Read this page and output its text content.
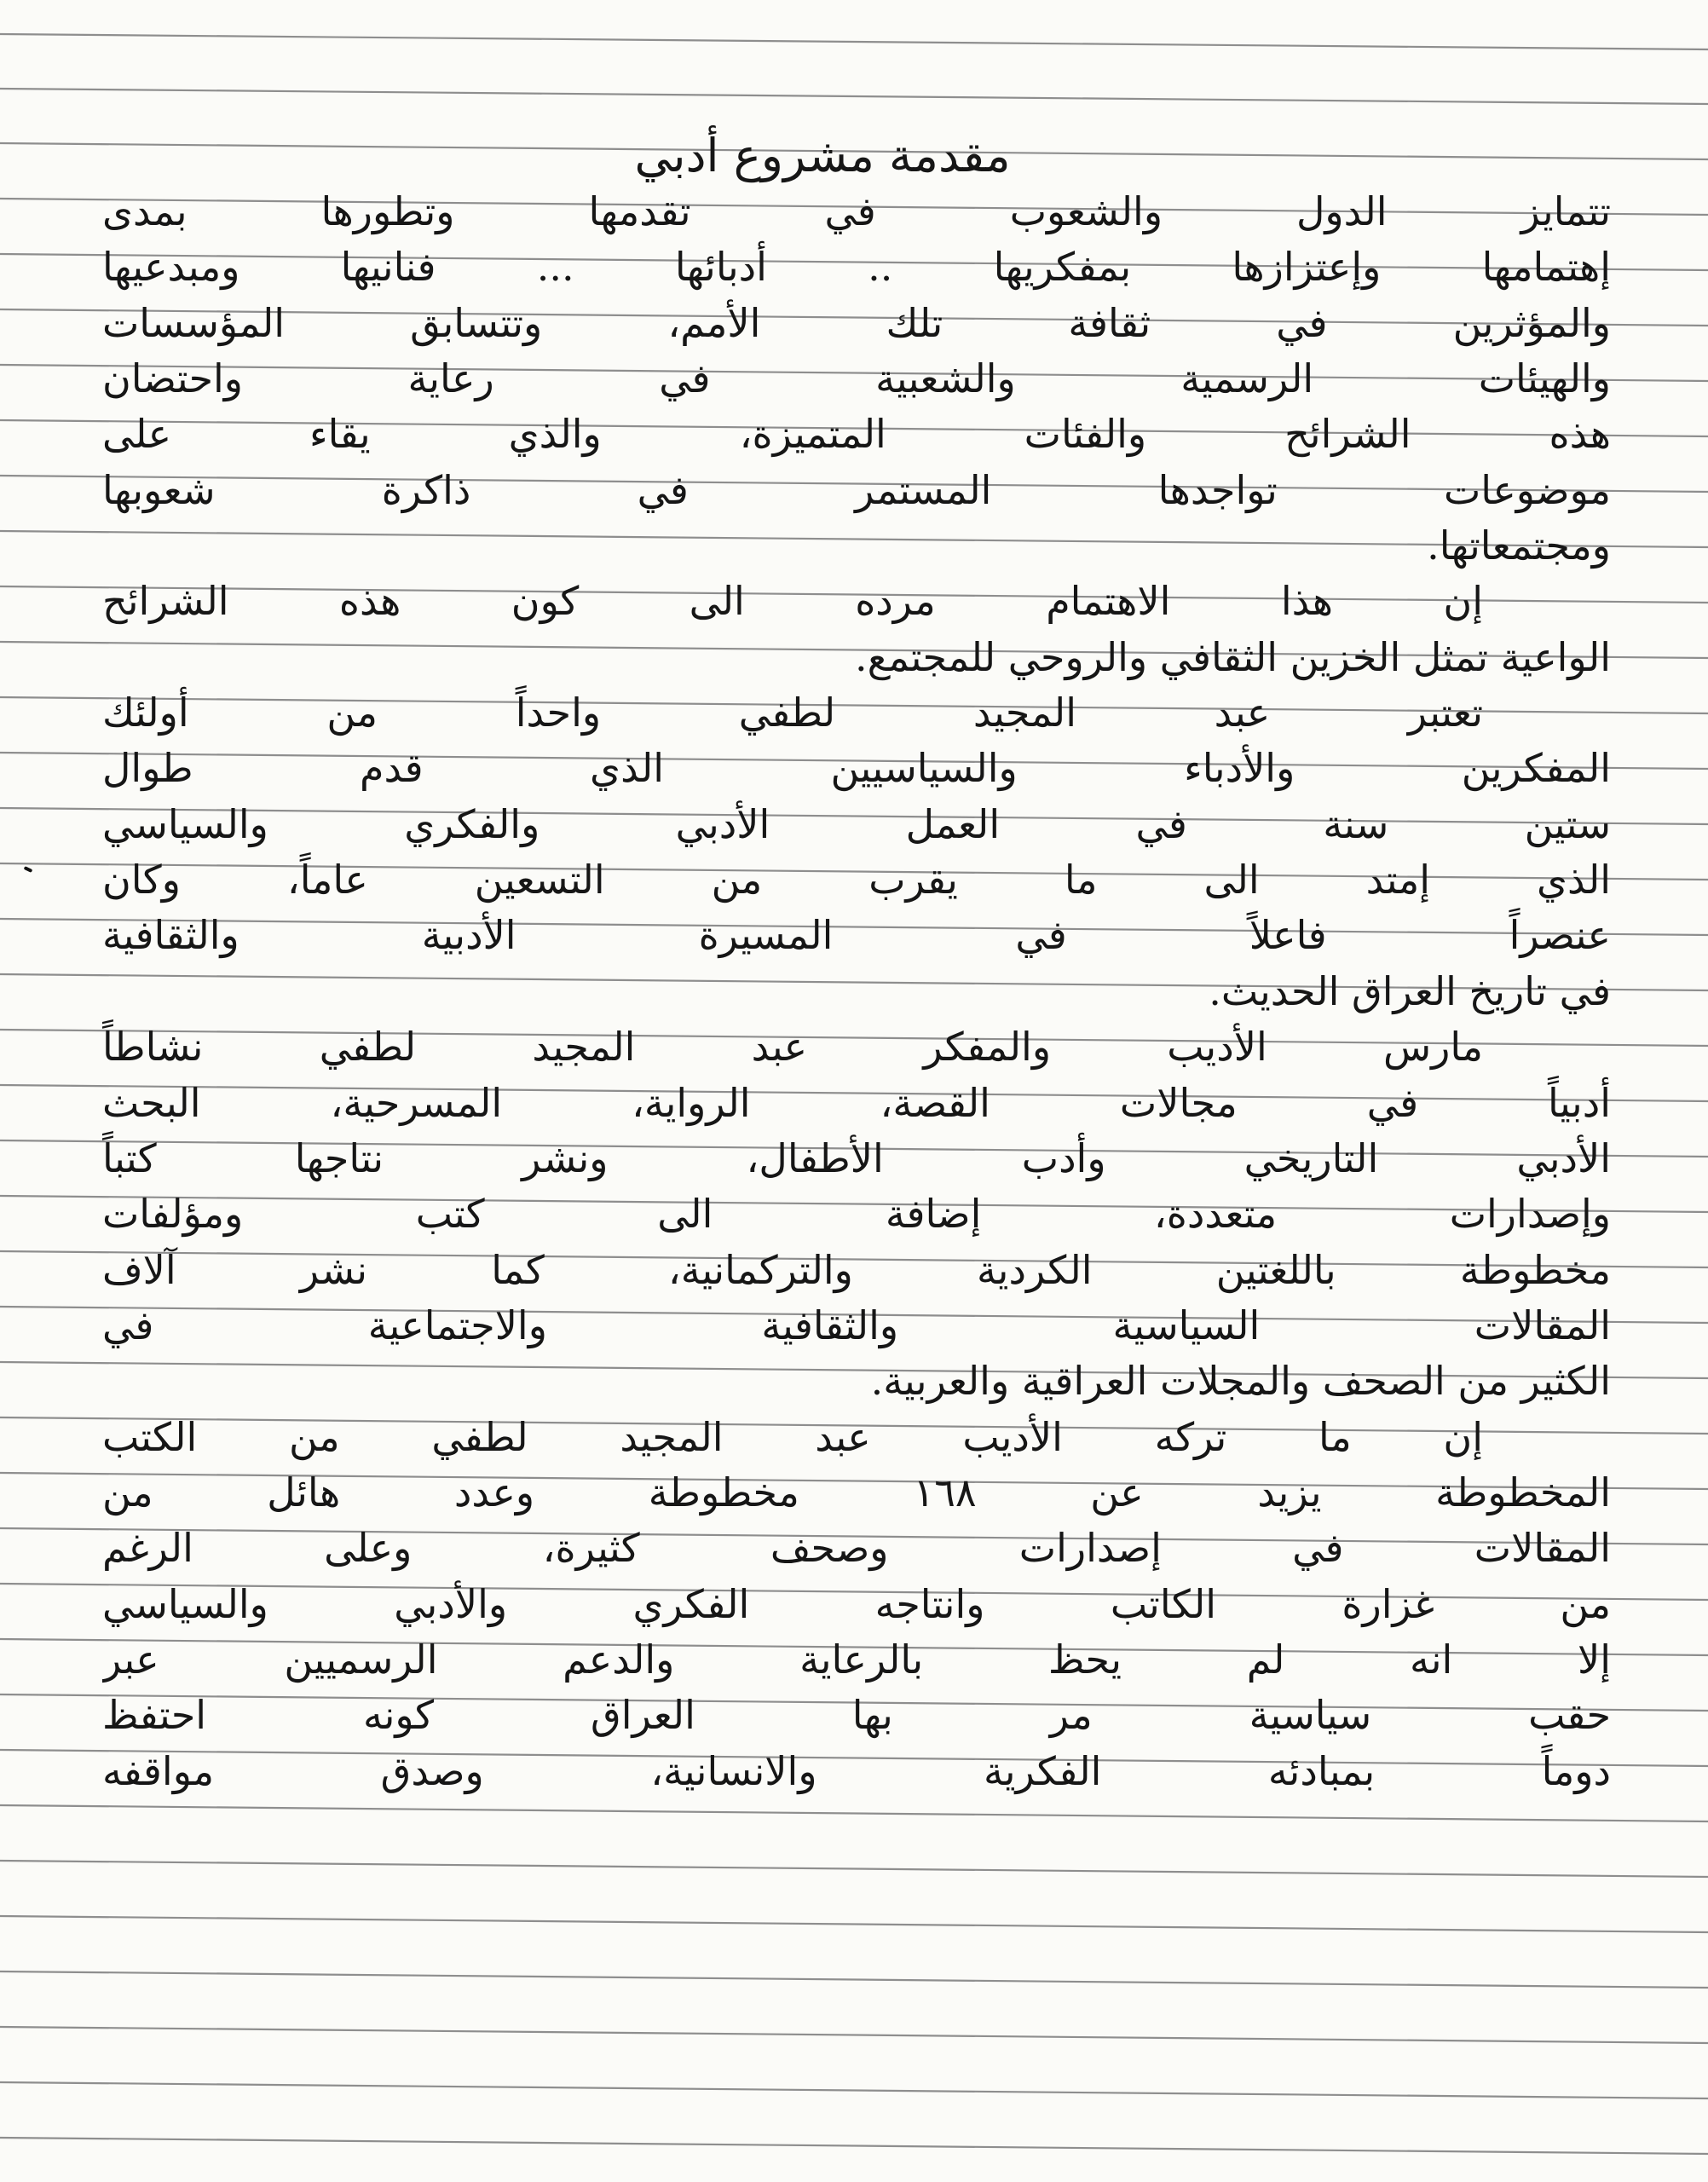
مقدمة مشروع أدبي
تتمايز الدول والشعوب في تقدمها وتطورها بمدى
إهتمامها وإعتزازها بمفكريها .. أدبائها ... فنانيها ومبدعيها
والمؤثرين في ثقافة تلك الأمم، وتتسابق المؤسسات
والهيئات الرسمية والشعبية في رعاية واحتضان
هذه الشرائح والفئات المتميزة، والذي يقاء على
موضوعات تواجدها المستمر في ذاكرة شعوبها
ومجتمعاتها.
إن هذا الاهتمام مرده الى كون هذه الشرائح
الواعية تمثل الخزين الثقافي والروحي للمجتمع.
تعتبر عبد المجيد لطفي واحداً من أولئك
المفكرين والأدباء والسياسيين الذي قدم طوال
ستين سنة في العمل الأدبي والفكري والسياسي
الذي إمتد الى ما يقرب من التسعين عاماً، وكان
عنصراً فاعلاً في المسيرة الأدبية والثقافية
في تاريخ العراق الحديث.
مارس الأديب والمفكر عبد المجيد لطفي نشاطاً
أدبياً في مجالات القصة، الرواية، المسرحية، البحث
الأدبي التاريخي وأدب الأطفال، ونشر نتاجها كتباً
وإصدارات متعددة، إضافة الى كتب ومؤلفات
مخطوطة باللغتين الكردية والتركمانية، كما نشر آلاف
المقالات السياسية والثقافية والاجتماعية في
الكثير من الصحف والمجلات العراقية والعربية.
إن ما تركه الأديب عبد المجيد لطفي من الكتب
المخطوطة يزيد عن ١٦٨ مخطوطة وعدد هائل من
المقالات في إصدارات وصحف كثيرة، وعلى الرغم
من غزارة الكاتب وانتاجه الفكري والأدبي والسياسي
إلا انه لم يحظ بالرعاية والدعم الرسميين عبر
حقب سياسية مر بها العراق كونه احتفظ
دوماً بمبادئه الفكرية والانسانية، وصدق مواقفه
